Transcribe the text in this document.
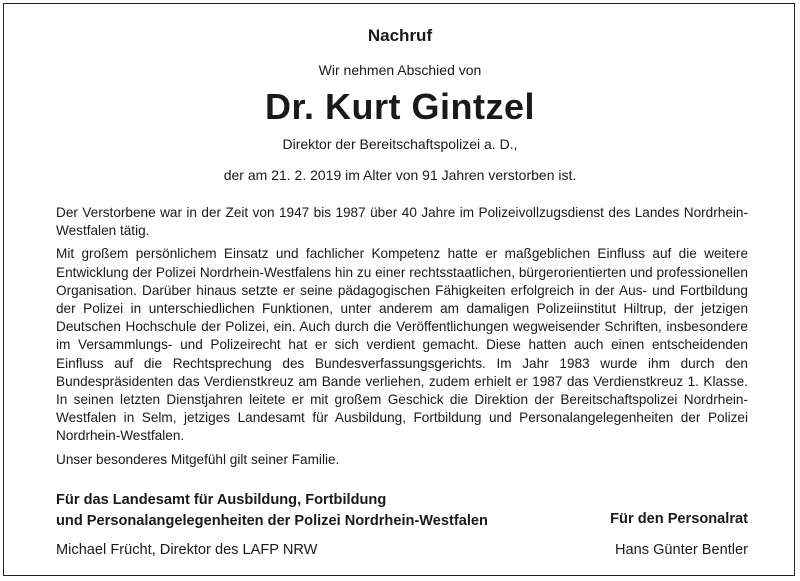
Nachruf
Wir nehmen Abschied von
Dr. Kurt Gintzel
Direktor der Bereitschaftspolizei a. D.,
der am 21. 2. 2019 im Alter von 91 Jahren verstorben ist.

Der Verstorbene war in der Zeit von 1947 bis 1987 über 40 Jahre im Polizeivollzugsdienst des Landes Nordrhein-Westfalen tätig.

Mit großem persönlichem Einsatz und fachlicher Kompetenz hatte er maßgeblichen Einfluss auf die weitere Entwicklung der Polizei Nordrhein-Westfalens hin zu einer rechtsstaatlichen, bürgerorientierten und professionellen Organisation. Darüber hinaus setzte er seine pädagogischen Fähigkeiten erfolgreich in der Aus- und Fortbildung der Polizei in unterschiedlichen Funktionen, unter anderem am damaligen Polizeiinstitut Hiltrup, der jetzigen Deutschen Hochschule der Polizei, ein. Auch durch die Veröffentlichungen wegweisender Schriften, insbesondere im Versammlungs- und Polizeirecht hat er sich verdient gemacht. Diese hatten auch einen entscheidenden Einfluss auf die Rechtsprechung des Bundesverfassungsgerichts. Im Jahr 1983 wurde ihm durch den Bundespräsidenten das Verdienstkreuz am Bande verliehen, zudem erhielt er 1987 das Verdienstkreuz 1. Klasse. In seinen letzten Dienstjahren leitete er mit großem Geschick die Direktion der Bereitschaftspolizei Nordrhein-Westfalen in Selm, jetziges Landesamt für Ausbildung, Fortbildung und Personalangelegenheiten der Polizei Nordrhein-Westfalen.

Unser besonderes Mitgefühl gilt seiner Familie.

Für das Landesamt für Ausbildung, Fortbildung
und Personalangelegenheiten der Polizei Nordrhein-Westfalen
Michael Frücht, Direktor des LAFP NRW
Für den Personalrat
Hans Günter Bentler
